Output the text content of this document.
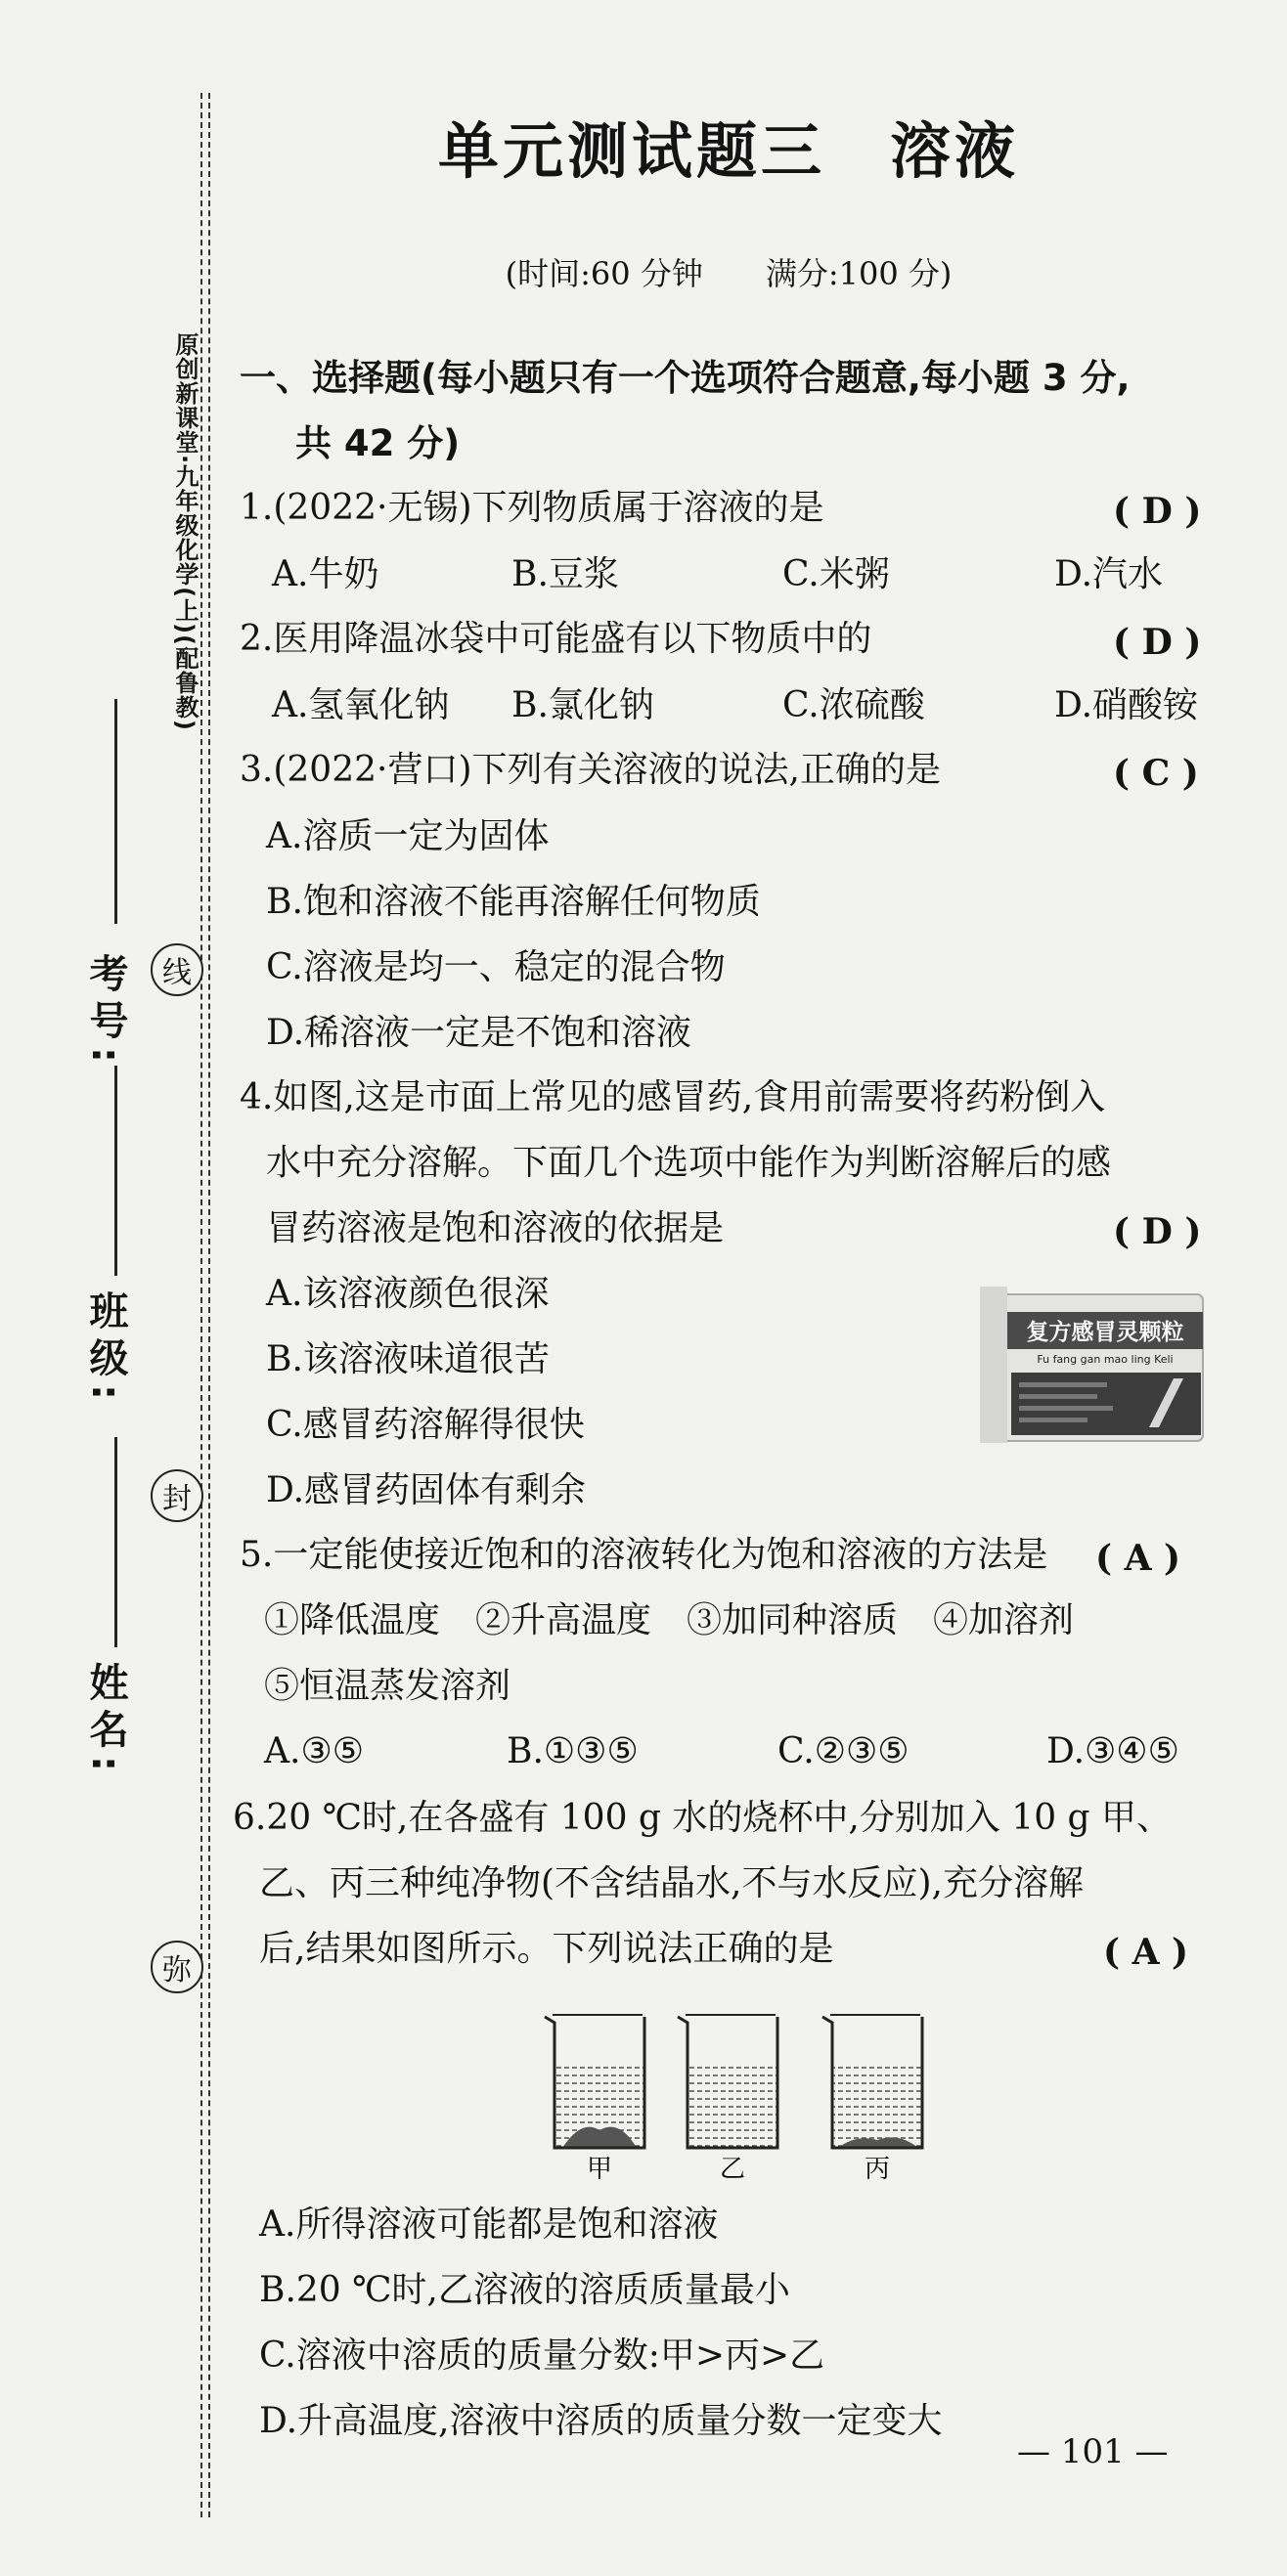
原创新课堂·九年级化学(上)(配鲁教)
考号:
班级:
姓名:
线
封
弥
单元测试题三　溶液
(时间:60 分钟　　满分:100 分)
一、选择题(每小题只有一个选项符合题意,每小题 3 分,
共 42 分)
1.(2022·无锡)下列物质属于溶液的是	( D )
A.牛奶	B.豆浆	C.米粥	D.汽水
2.医用降温冰袋中可能盛有以下物质中的	( D )
A.氢氧化钠 B.氯化钠	C.浓硫酸	D.硝酸铵
3.(2022·营口)下列有关溶液的说法,正确的是	( C )
A.溶质一定为固体
B.饱和溶液不能再溶解任何物质
C.溶液是均一、稳定的混合物
D.稀溶液一定是不饱和溶液
4.如图,这是市面上常见的感冒药,食用前需要将药粉倒入
水中充分溶解。下面几个选项中能作为判断溶解后的感
冒药溶液是饱和溶液的依据是	( D )
A.该溶液颜色很深
B.该溶液味道很苦
C.感冒药溶解得很快
D.感冒药固体有剩余
复方感冒灵颗粒
Fu fang gan mao ling Keli
5.一定能使接近饱和的溶液转化为饱和溶液的方法是 ( A )
①降低温度　②升高温度　③加同种溶质　④加溶剂
⑤恒温蒸发溶剂
A.③⑤	B.①③⑤	C.②③⑤	D.③④⑤
6.20 ℃时,在各盛有 100 g 水的烧杯中,分别加入 10 g 甲、
乙、丙三种纯净物(不含结晶水,不与水反应),充分溶解
后,结果如图所示。下列说法正确的是	( A )
甲	乙	丙
A.所得溶液可能都是饱和溶液
B.20 ℃时,乙溶液的溶质质量最小
C.溶液中溶质的质量分数:甲>丙>乙
D.升高温度,溶液中溶质的质量分数一定变大
— 101 —
